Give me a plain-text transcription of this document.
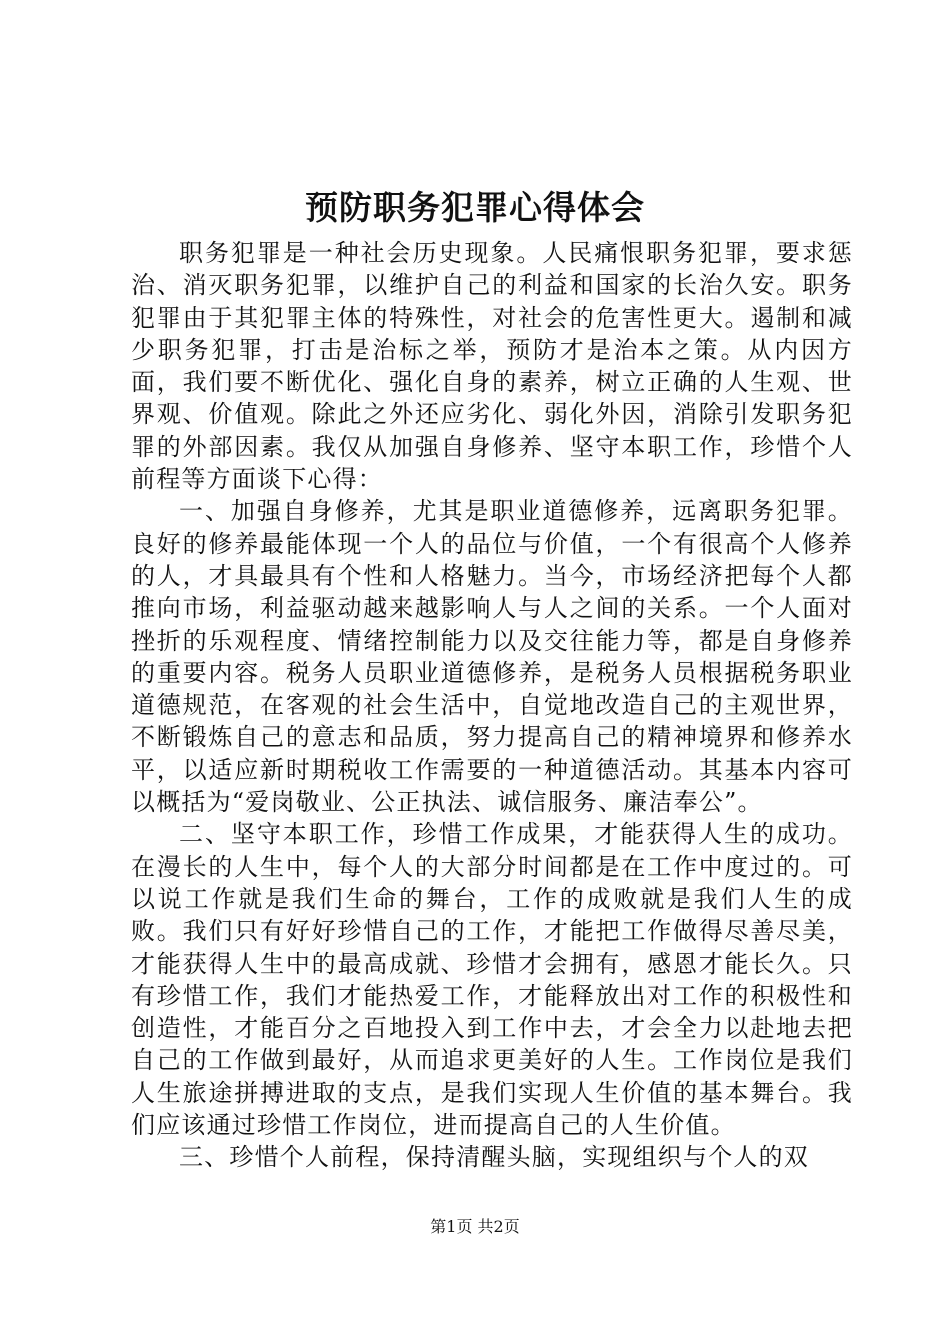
预防职务犯罪心得体会

职务犯罪是一种社会历史现象。人民痛恨职务犯罪，要求惩治、消灭职务犯罪，以维护自己的利益和国家的长治久安。职务犯罪由于其犯罪主体的特殊性，对社会的危害性更大。遏制和减少职务犯罪，打击是治标之举，预防才是治本之策。从内因方面，我们要不断优化、强化自身的素养，树立正确的人生观、世界观、价值观。除此之外还应劣化、弱化外因，消除引发职务犯罪的外部因素。我仅从加强自身修养、坚守本职工作，珍惜个人前程等方面谈下心得：

一、加强自身修养，尤其是职业道德修养，远离职务犯罪。良好的修养最能体现一个人的品位与价值，一个有很高个人修养的人，才具最具有个性和人格魅力。当今，市场经济把每个人都推向市场，利益驱动越来越影响人与人之间的关系。一个人面对挫折的乐观程度、情绪控制能力以及交往能力等，都是自身修养的重要内容。税务人员职业道德修养，是税务人员根据税务职业道德规范，在客观的社会生活中，自觉地改造自己的主观世界，不断锻炼自己的意志和品质，努力提高自己的精神境界和修养水平，以适应新时期税收工作需要的一种道德活动。其基本内容可以概括为“爱岗敬业、公正执法、诚信服务、廉洁奉公”。

二、坚守本职工作，珍惜工作成果，才能获得人生的成功。在漫长的人生中，每个人的大部分时间都是在工作中度过的。可以说工作就是我们生命的舞台，工作的成败就是我们人生的成败。我们只有好好珍惜自己的工作，才能把工作做得尽善尽美，才能获得人生中的最高成就、珍惜才会拥有，感恩才能长久。只有珍惜工作，我们才能热爱工作，才能释放出对工作的积极性和创造性，才能百分之百地投入到工作中去，才会全力以赴地去把自己的工作做到最好，从而追求更美好的人生。工作岗位是我们人生旅途拼搏进取的支点，是我们实现人生价值的基本舞台。我们应该通过珍惜工作岗位，进而提高自己的人生价值。

三、珍惜个人前程，保持清醒头脑，实现组织与个人的双

第1页 共2页
